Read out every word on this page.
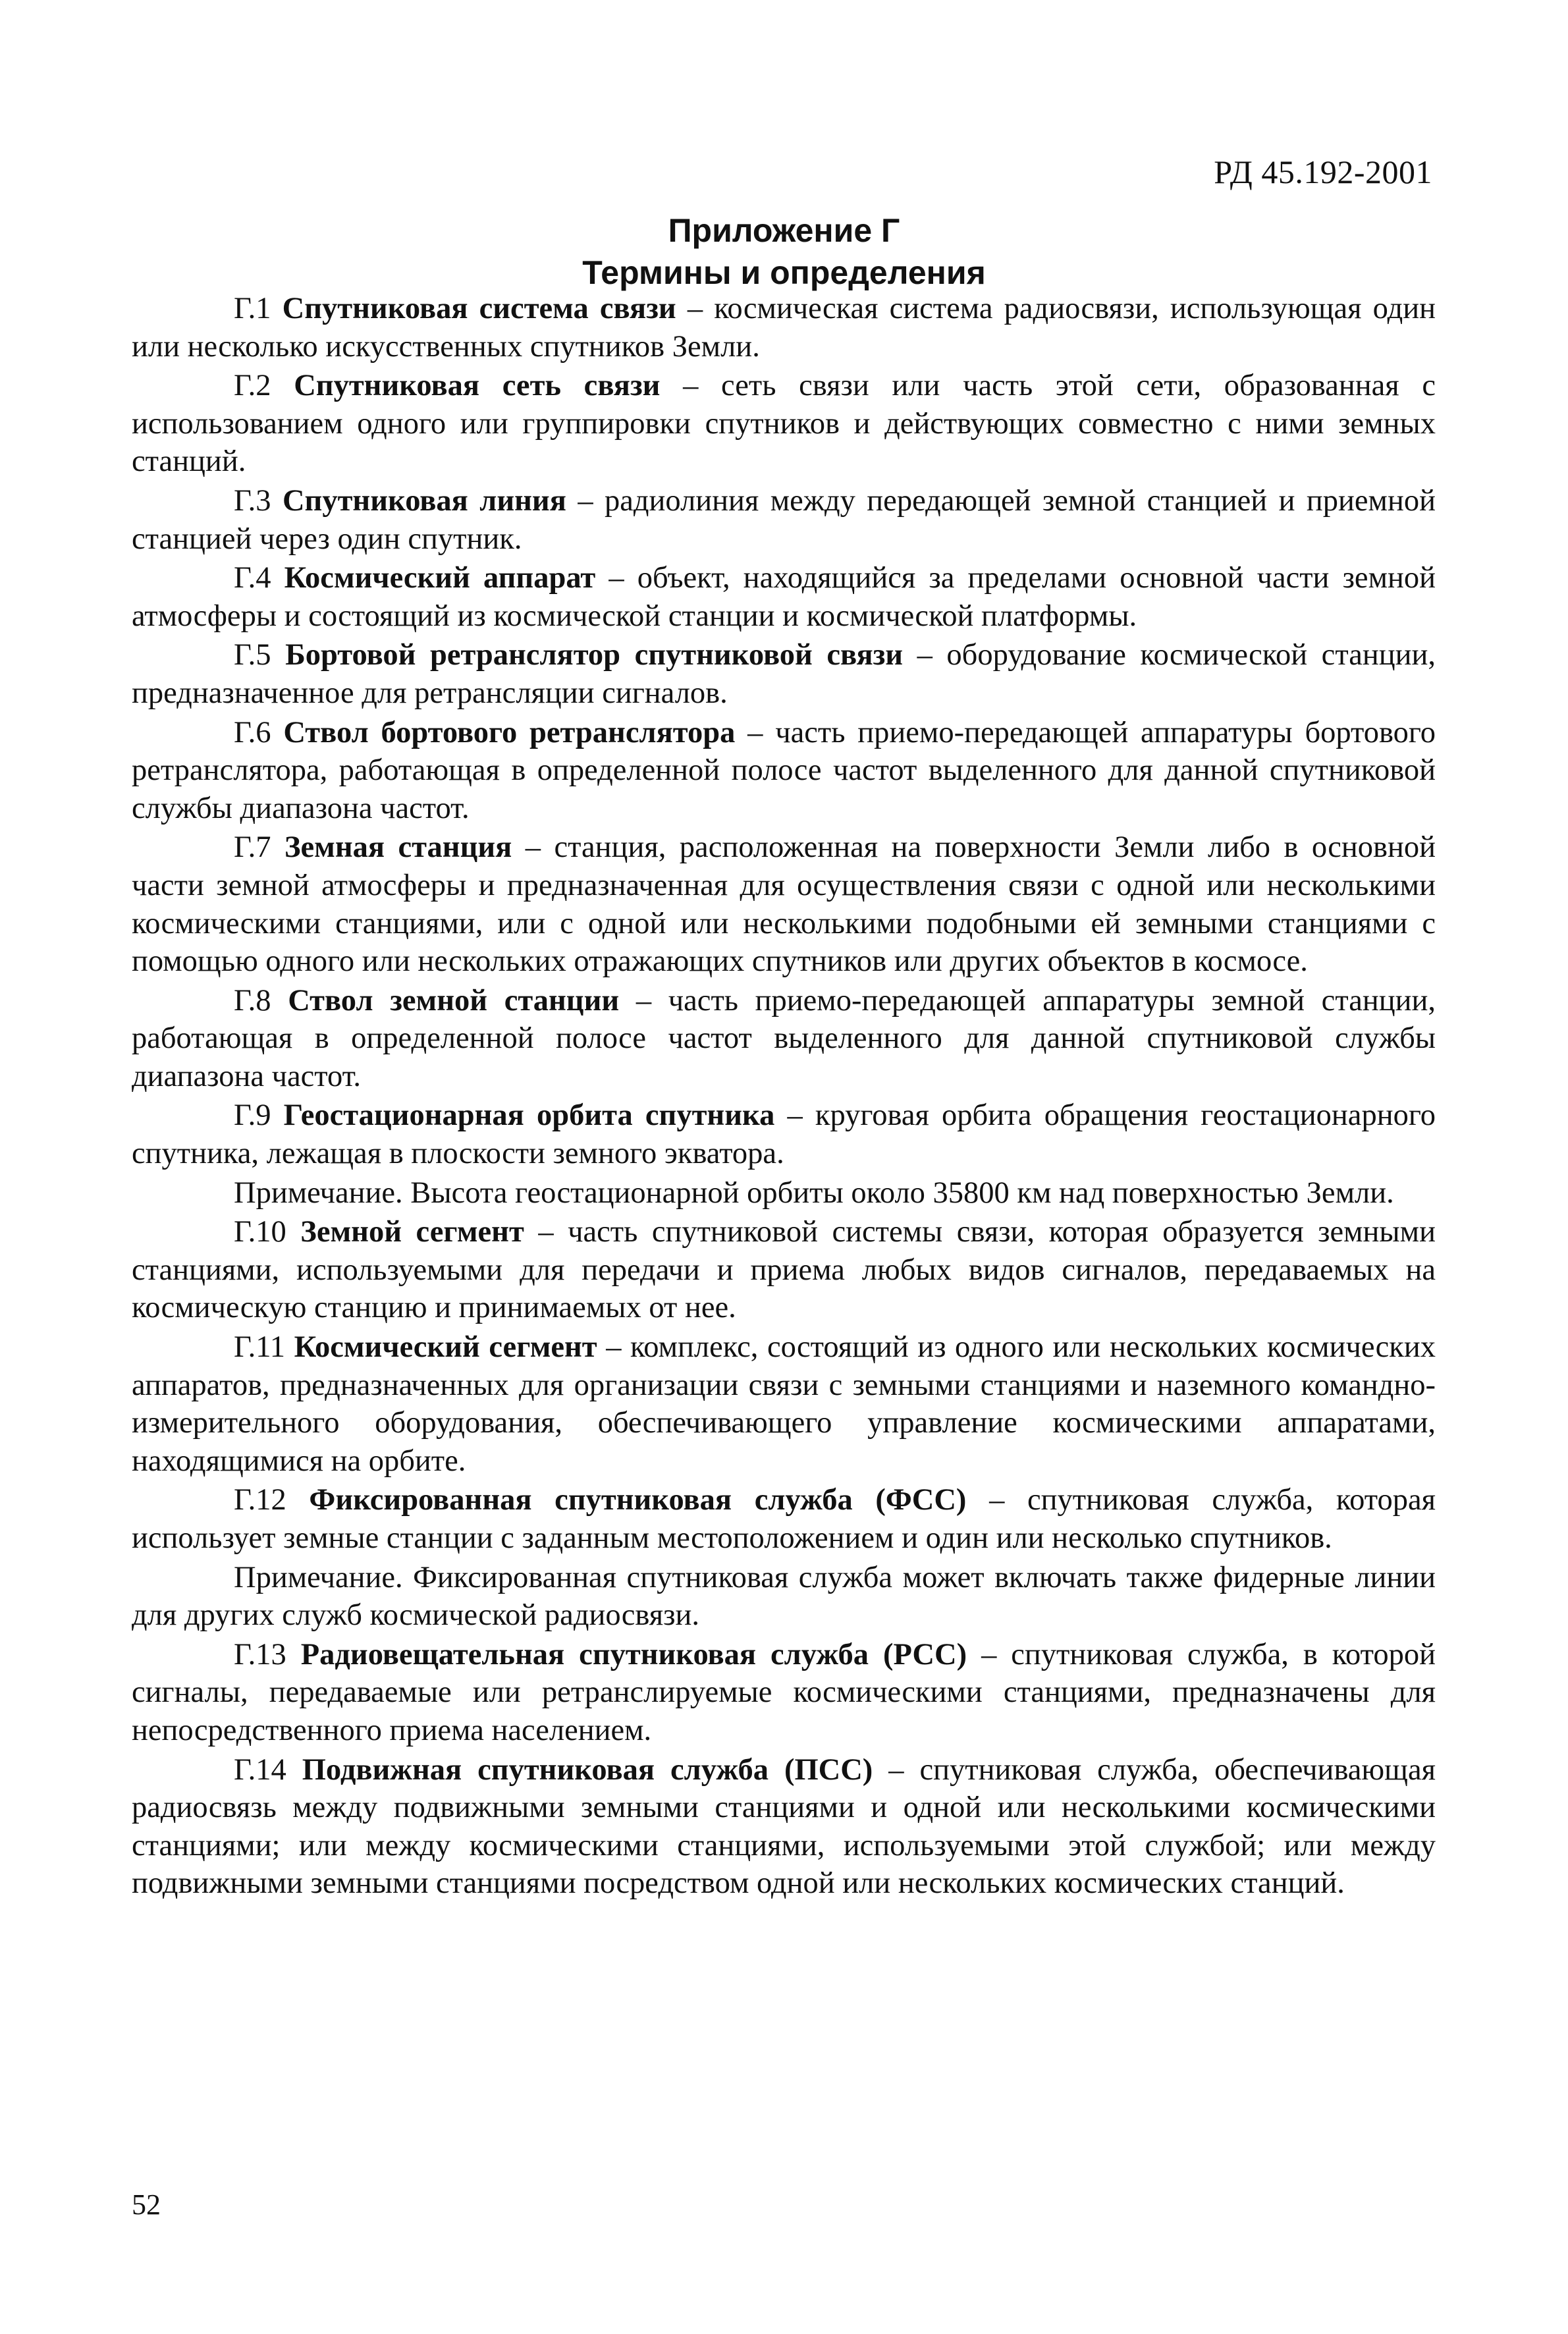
РД 45.192-2001
Приложение Г
Термины и определения

Г.1 Спутниковая система связи – космическая система радиосвязи, использующая один или несколько искусственных спутников Земли.

Г.2 Спутниковая сеть связи – сеть связи или часть этой сети, образованная с использованием одного или группировки спутников и действующих совместно с ними земных станций.

Г.3 Спутниковая линия – радиолиния между передающей земной станцией и приемной станцией через один спутник.

Г.4 Космический аппарат – объект, находящийся за пределами основной части земной атмосферы и состоящий из космической станции и космической платформы.

Г.5 Бортовой ретранслятор спутниковой связи – оборудование космической станции, предназначенное для ретрансляции сигналов.

Г.6 Ствол бортового ретранслятора – часть приемо-передающей аппаратуры бортового ретранслятора, работающая в определенной полосе частот выделенного для данной спутниковой службы диапазона частот.

Г.7 Земная станция – станция, расположенная на поверхности Земли либо в основной части земной атмосферы и предназначенная для осуществления связи с одной или несколькими космическими станциями, или с одной или несколькими подобными ей земными станциями с помощью одного или нескольких отражающих спутников или других объектов в космосе.

Г.8 Ствол земной станции – часть приемо-передающей аппаратуры земной станции, работающая в определенной полосе частот выделенного для данной спутниковой службы диапазона частот.

Г.9 Геостационарная орбита спутника – круговая орбита обращения геостационарного спутника, лежащая в плоскости земного экватора.

Примечание. Высота геостационарной орбиты около 35800 км над поверхностью Земли.

Г.10 Земной сегмент – часть спутниковой системы связи, которая образуется земными станциями, используемыми для передачи и приема любых видов сигналов, передаваемых на космическую станцию и принимаемых от нее.

Г.11 Космический сегмент – комплекс, состоящий из одного или нескольких космических аппаратов, предназначенных для организации связи с земными станциями и наземного командно-измерительного оборудования, обеспечивающего управление космическими аппаратами, находящимися на орбите.

Г.12 Фиксированная спутниковая служба (ФСС) – спутниковая служба, которая использует земные станции с заданным местоположением и один или несколько спутников.

Примечание. Фиксированная спутниковая служба может включать также фидерные линии для других служб космической радиосвязи.

Г.13 Радиовещательная спутниковая служба (РСС) – спутниковая служба, в которой сигналы, передаваемые или ретранслируемые космическими станциями, предназначены для непосредственного приема населением.

Г.14 Подвижная спутниковая служба (ПСС) – спутниковая служба, обеспечивающая радиосвязь между подвижными земными станциями и одной или несколькими космическими станциями; или между космическими станциями, используемыми этой службой; или между подвижными земными станциями посредством одной или нескольких космических станций.

52
